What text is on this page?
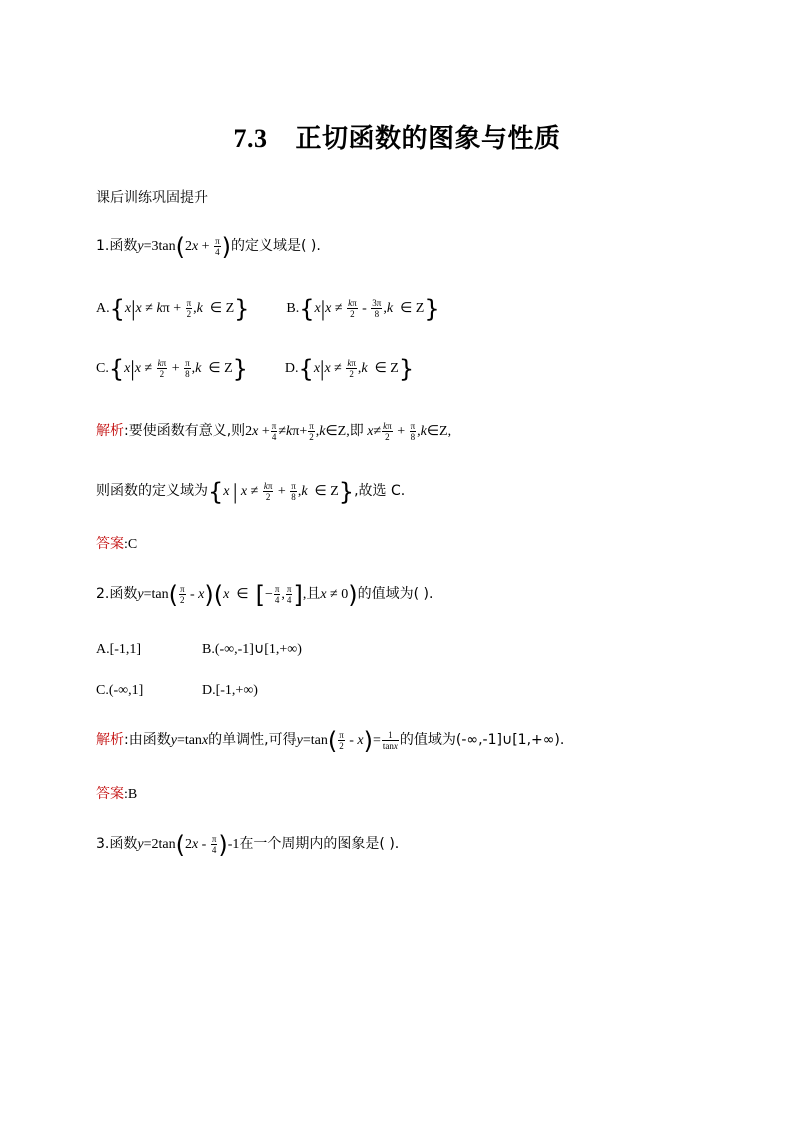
7.3 正切函数的图象与性质
课后训练巩固提升
1.函数$y=3\tan(2x + \frac{\pi}{4}$ )的定义域是( ).
$A.\{x|x \ne k\pi + \frac{\pi}{2} ,k$  ∈ Z}	$B.\{x|x \ne \frac{k\pi}{2} - \frac{3\pi}{8} ,k$  ∈ Z}
$C.\{x|x \ne \frac{k\pi}{2} + \frac{\pi}{8} ,k$  ∈ Z}	$D.\{x|x \ne \frac{k\pi}{2} ,k$  ∈ Z}
解析:要使函数有意义,则$2x + \frac{\pi}{4} \ne k\pi+ \frac{\pi}{2}$ ,k∈Z,即 $x\ne \frac{k\pi}{2} + \frac{\pi}{8}$ ,k∈Z,
则函数的定义域为{x | $x \ne \frac{k\pi}{2} + \frac{\pi}{8} ,k$  ∈ Z},故选 C.
答案:C
2.函数$y=\tan( \frac{\pi}{2} - x)(x$  ∈  [− $\frac{\pi}{4}$ , $\frac{\pi}{4}$ ],且x ≠ 0)的值域为( ).
A.[-1,1]	B.(-∞,-1]∪[1,+∞)
C.(-∞,1]	D.[-1,+∞)
解析:由函数y=tanx的单调性,可得$y=\tan( \frac{\pi}{2} - x)= \frac{1}{\tan x}$ 的值域为(-∞,-1]∪[1,+∞).
答案:B
3.函数$y=2\tan(2x - \frac{\pi}{4} )-1$在一个周期内的图象是( ).
